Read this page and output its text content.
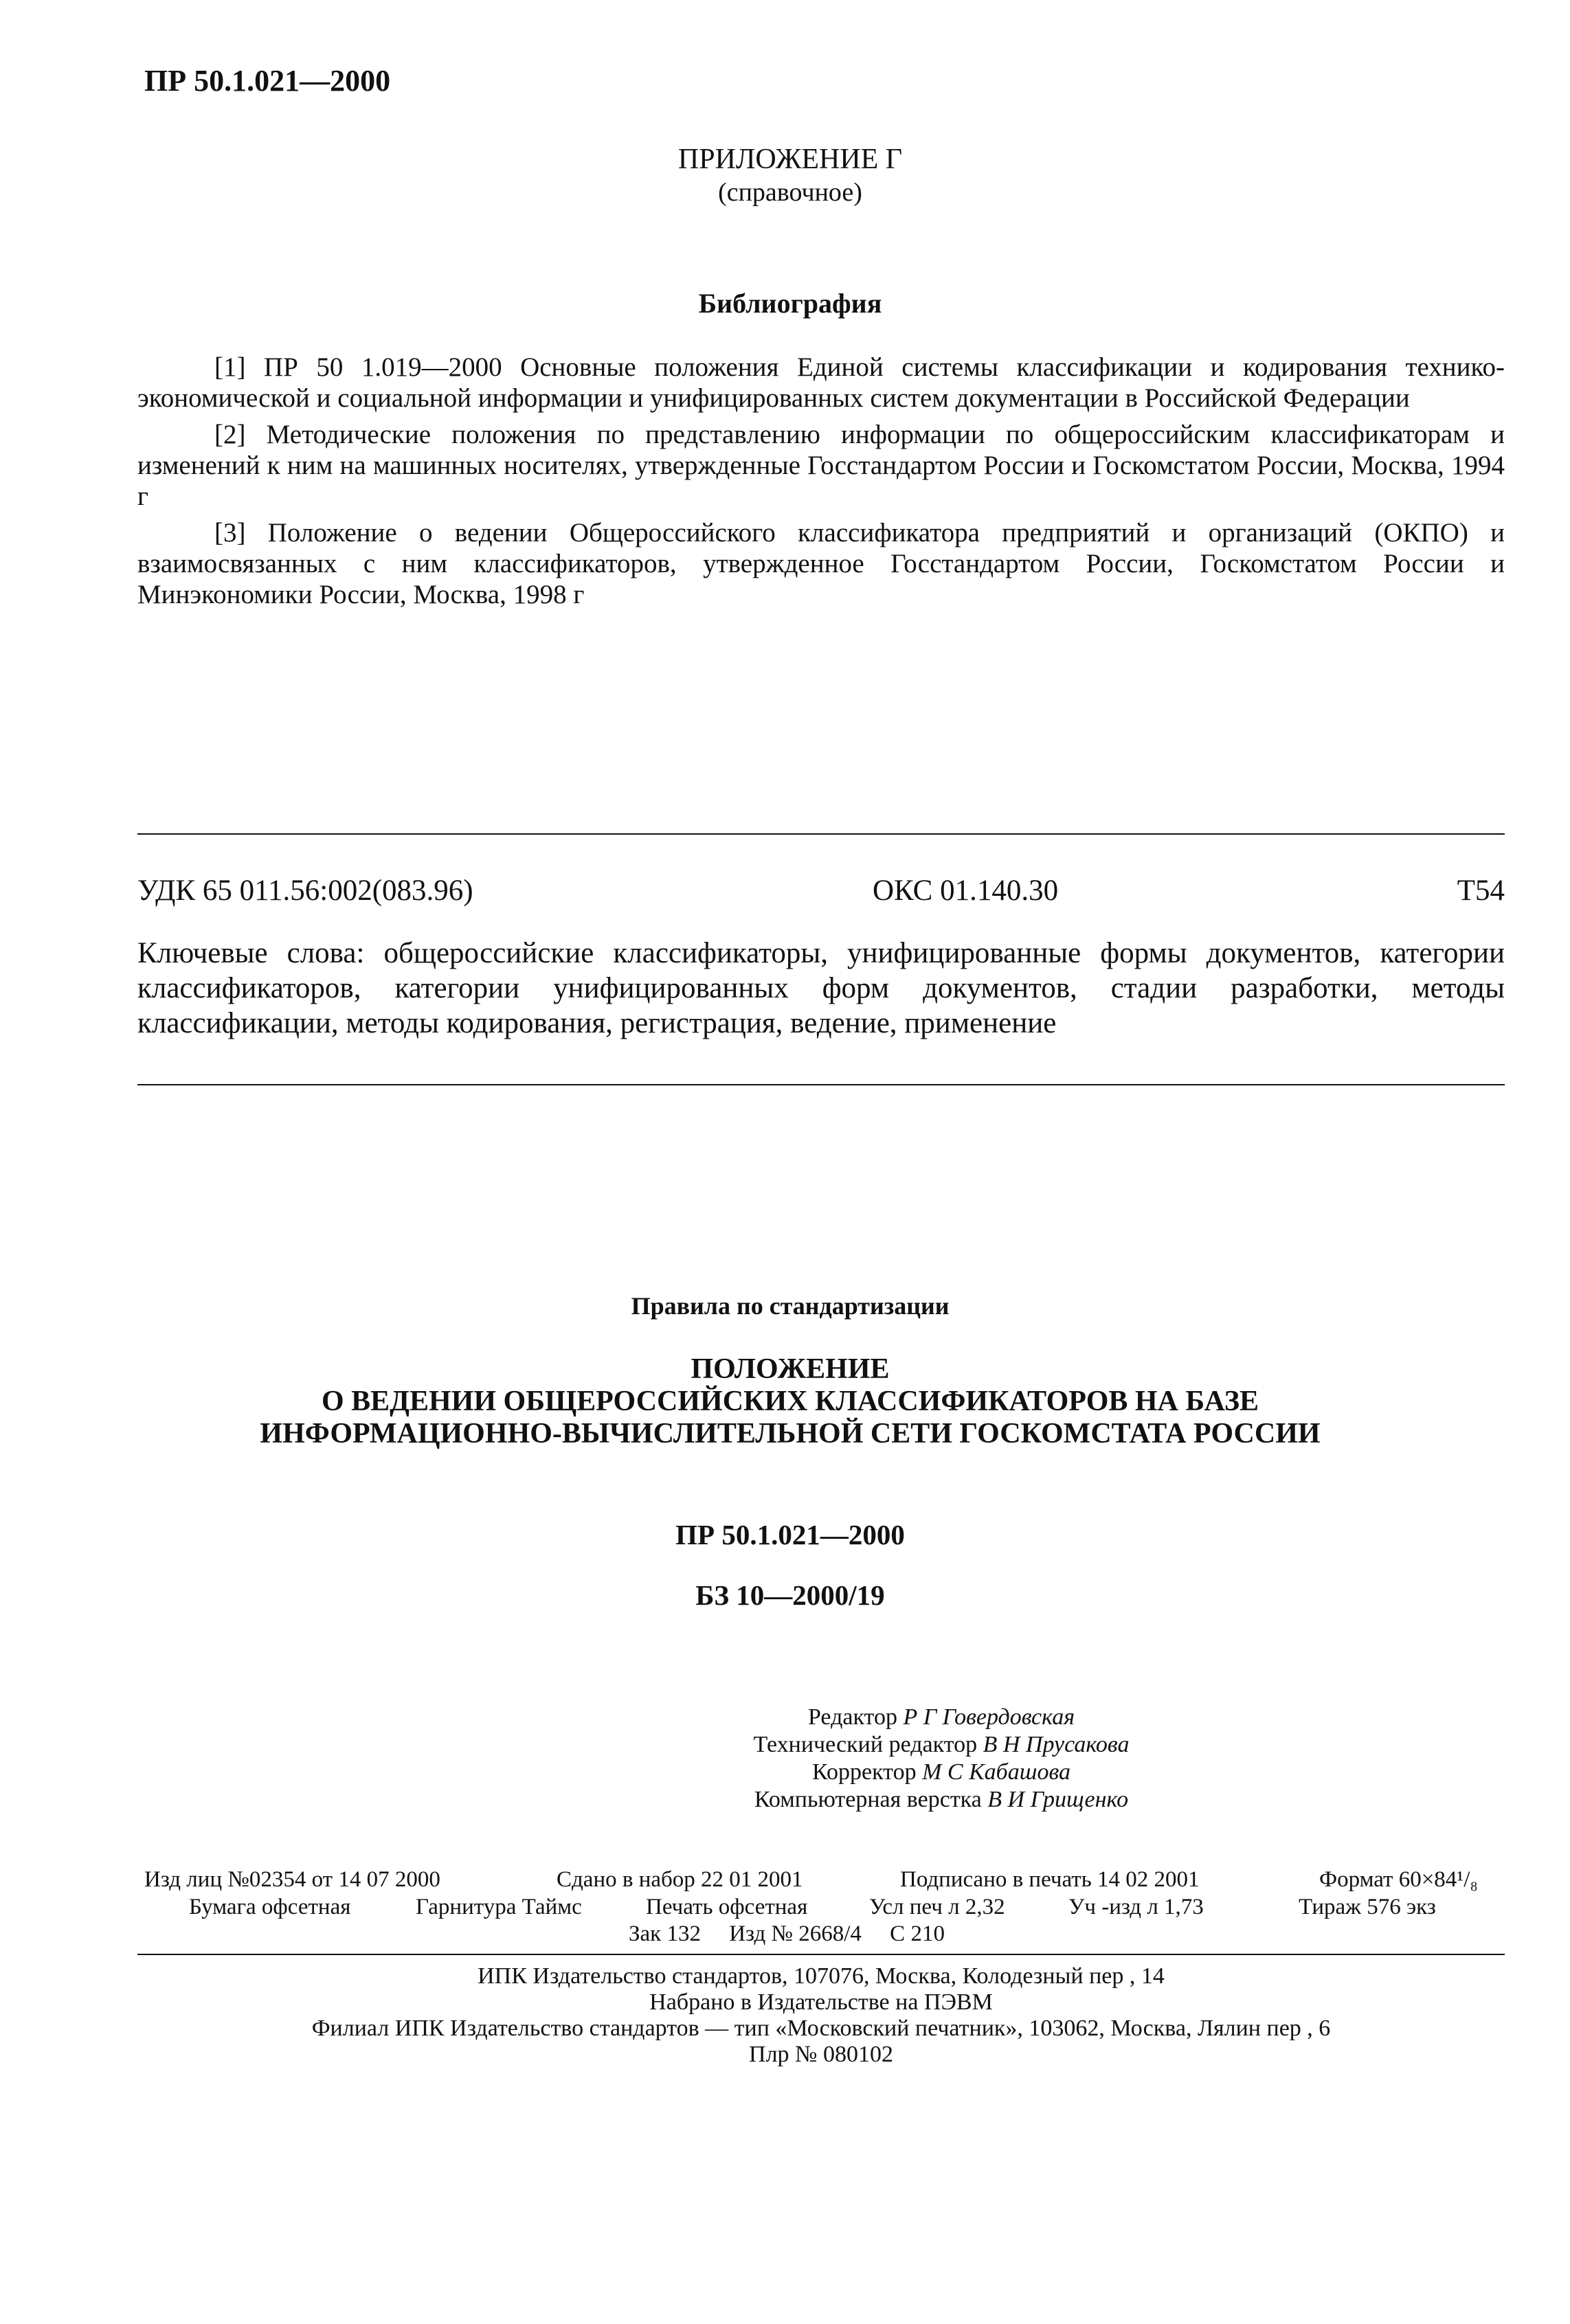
ПР 50.1.021—2000
ПРИЛОЖЕНИЕ Г
(справочное)
Библиография

[1] ПР 50 1.019—2000 Основные положения Единой системы классификации и кодирования технико-экономической и социальной информации и унифицированных систем документации в Российской Федерации

[2] Методические положения по представлению информации по общероссийским классификаторам и изменений к ним на машинных носителях, утвержденные Госстандартом России и Госкомстатом России, Москва, 1994 г

[3] Положение о ведении Общероссийского классификатора предприятий и организаций (ОКПО) и взаимосвязанных с ним классификаторов, утвержденное Госстандартом России, Госкомстатом России и Минэкономики России, Москва, 1998 г

УДК 65 011.56:002(083.96)	ОКС 01.140.30	Т54
Ключевые слова: общероссийские классификаторы, унифицированные формы документов, категории классификаторов, категории унифицированных форм документов, стадии разработки, методы классификации, методы кодирования, регистрация, ведение, применение
Правила по стандартизации
ПОЛОЖЕНИЕ
О ВЕДЕНИИ ОБЩЕРОССИЙСКИХ КЛАССИФИКАТОРОВ НА БАЗЕ
ИНФОРМАЦИОННО-ВЫЧИСЛИТЕЛЬНОЙ СЕТИ ГОСКОМСТАТА РОССИИ
ПР 50.1.021—2000
БЗ 10—2000/19
Редактор Р Г Говердовская
Технический редактор В Н Прусакова
Корректор М С Кабашова
Компьютерная верстка В И Грищенко
Изд лиц №02354 от 14 07 2000	Сдано в набор 22 01 2001	Подписано в печать 14 02 2001	Формат 60×84¹/₈
Бумага офсетная	Гарнитура Таймс	Печать офсетная	Усл печ л 2,32	Уч -изд л 1,73	Тираж 576 экз
Зак 132     Изд № 2668/4     С 210
ИПК Издательство стандартов, 107076, Москва, Колодезный пер , 14
Набрано в Издательстве на ПЭВМ
Филиал ИПК Издательство стандартов — тип «Московский печатник», 103062, Москва, Лялин пер , 6
Плр № 080102
